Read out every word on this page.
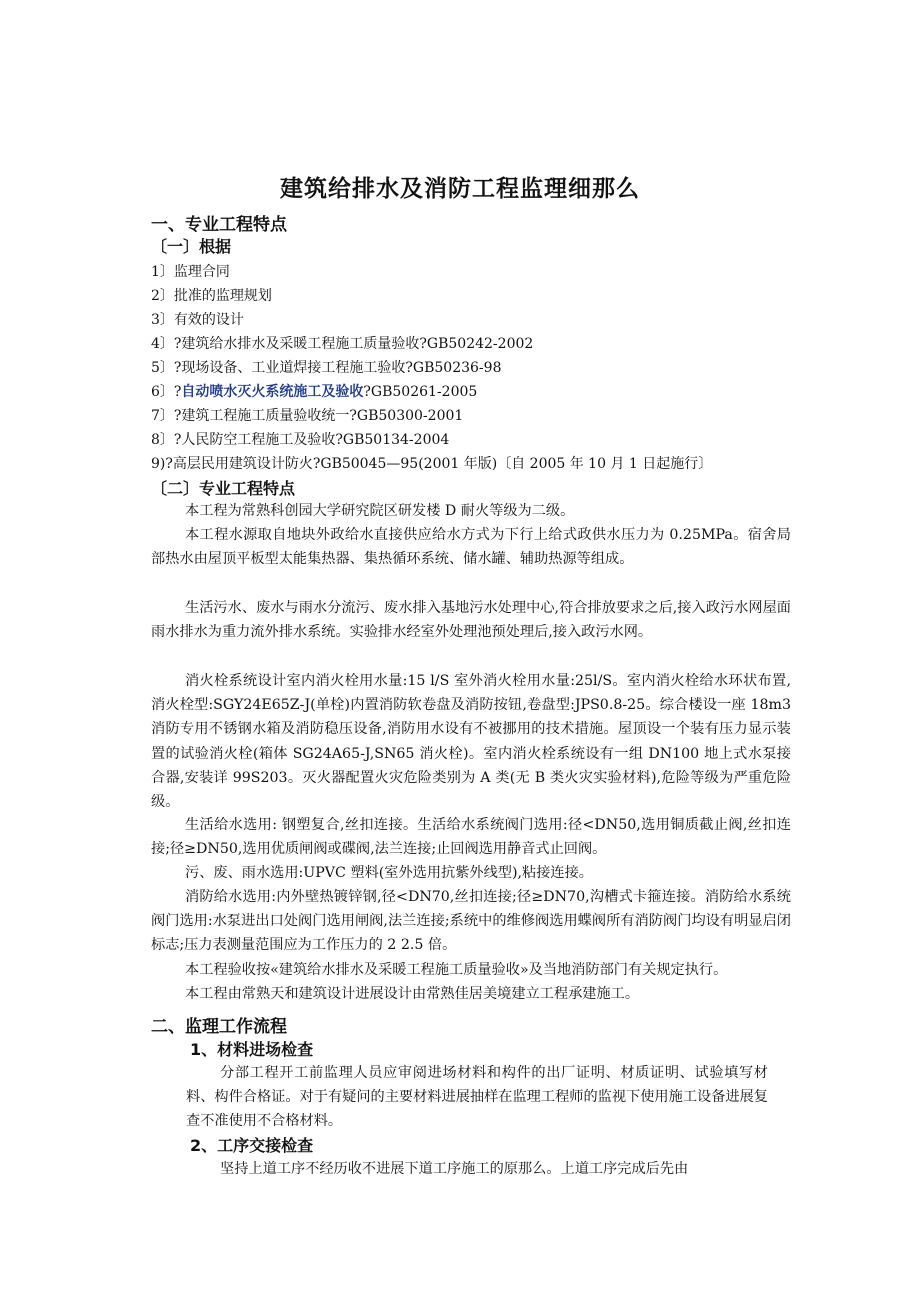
建筑给排水及消防工程监理细那么
一、专业工程特点
〔一〕根据
1〕监理合同
2〕批准的监理规划
3〕有效的设计
4〕?建筑给水排水及采暖工程施工质量验收?GB50242-2002
5〕?现场设备、工业道焊接工程施工验收?GB50236-98
6〕?自动喷水灭火系统施工及验收?GB50261-2005
7〕?建筑工程施工质量验收统一?GB50300-2001
8〕?人民防空工程施工及验收?GB50134-2004
9)?高层民用建筑设计防火?GB50045—95(2001 年版)〔自 2005 年 10 月 1 日起施行〕
〔二〕专业工程特点
本工程为常熟科创园大学研究院区研发楼 D 耐火等级为二级。
本工程水源取自地块外政给水直接供应给水方式为下行上给式政供水压力为 0.25MPa。宿舍局部热水由屋顶平板型太能集热器、集热循环系统、储水罐、辅助热源等组成。
生活污水、废水与雨水分流污、废水排入基地污水处理中心,符合排放要求之后,接入政污水网屋面雨水排水为重力流外排水系统。实验排水经室外处理池预处理后,接入政污水网。
消火栓系统设计室内消火栓用水量:15 l/S 室外消火栓用水量:25l/S。室内消火栓给水环状布置, 消火栓型:SGY24E65Z-J(单栓)内置消防软卷盘及消防按钮,卷盘型:JPS0.8-25。综合楼设一座 18m3 消防专用不锈钢水箱及消防稳压设备,消防用水设有不被挪用的技术措施。屋顶设一个装有压力显示装置的试验消火栓(箱体 SG24A65-J,SN65 消火栓)。室内消火栓系统设有一组 DN100 地上式水泵接合器,安装详 99S203。灭火器配置火灾危险类别为 A 类(无 B 类火灾实验材料),危险等级为严重危险级。
生活给水选用: 钢塑复合,丝扣连接。生活给水系统阀门选用:径<DN50,选用铜质截止阀,丝扣连接;径≥DN50,选用优质闸阀或碟阀,法兰连接;止回阀选用静音式止回阀。
污、废、雨水选用:UPVC 塑料(室外选用抗紫外线型),粘接连接。
消防给水选用:内外壁热镀锌钢,径<DN70,丝扣连接;径≥DN70,沟槽式卡箍连接。消防给水系统阀门选用:水泵进出口处阀门选用闸阀,法兰连接;系统中的维修阀选用蝶阀所有消防阀门均设有明显启闭标志;压力表测量范围应为工作压力的 2 2.5 倍。
本工程验收按«建筑给水排水及采暖工程施工质量验收»及当地消防部门有关规定执行。
本工程由常熟天和建筑设计进展设计由常熟佳居美境建立工程承建施工。
二、监理工作流程
1、材料进场检查
分部工程开工前监理人员应审阅进场材料和构件的出厂证明、材质证明、试验填写材料、构件合格证。对于有疑问的主要材料进展抽样在监理工程师的监视下使用施工设备进展复查不准使用不合格材料。
2、工序交接检查
坚持上道工序不经历收不进展下道工序施工的原那么。上道工序完成后先由
